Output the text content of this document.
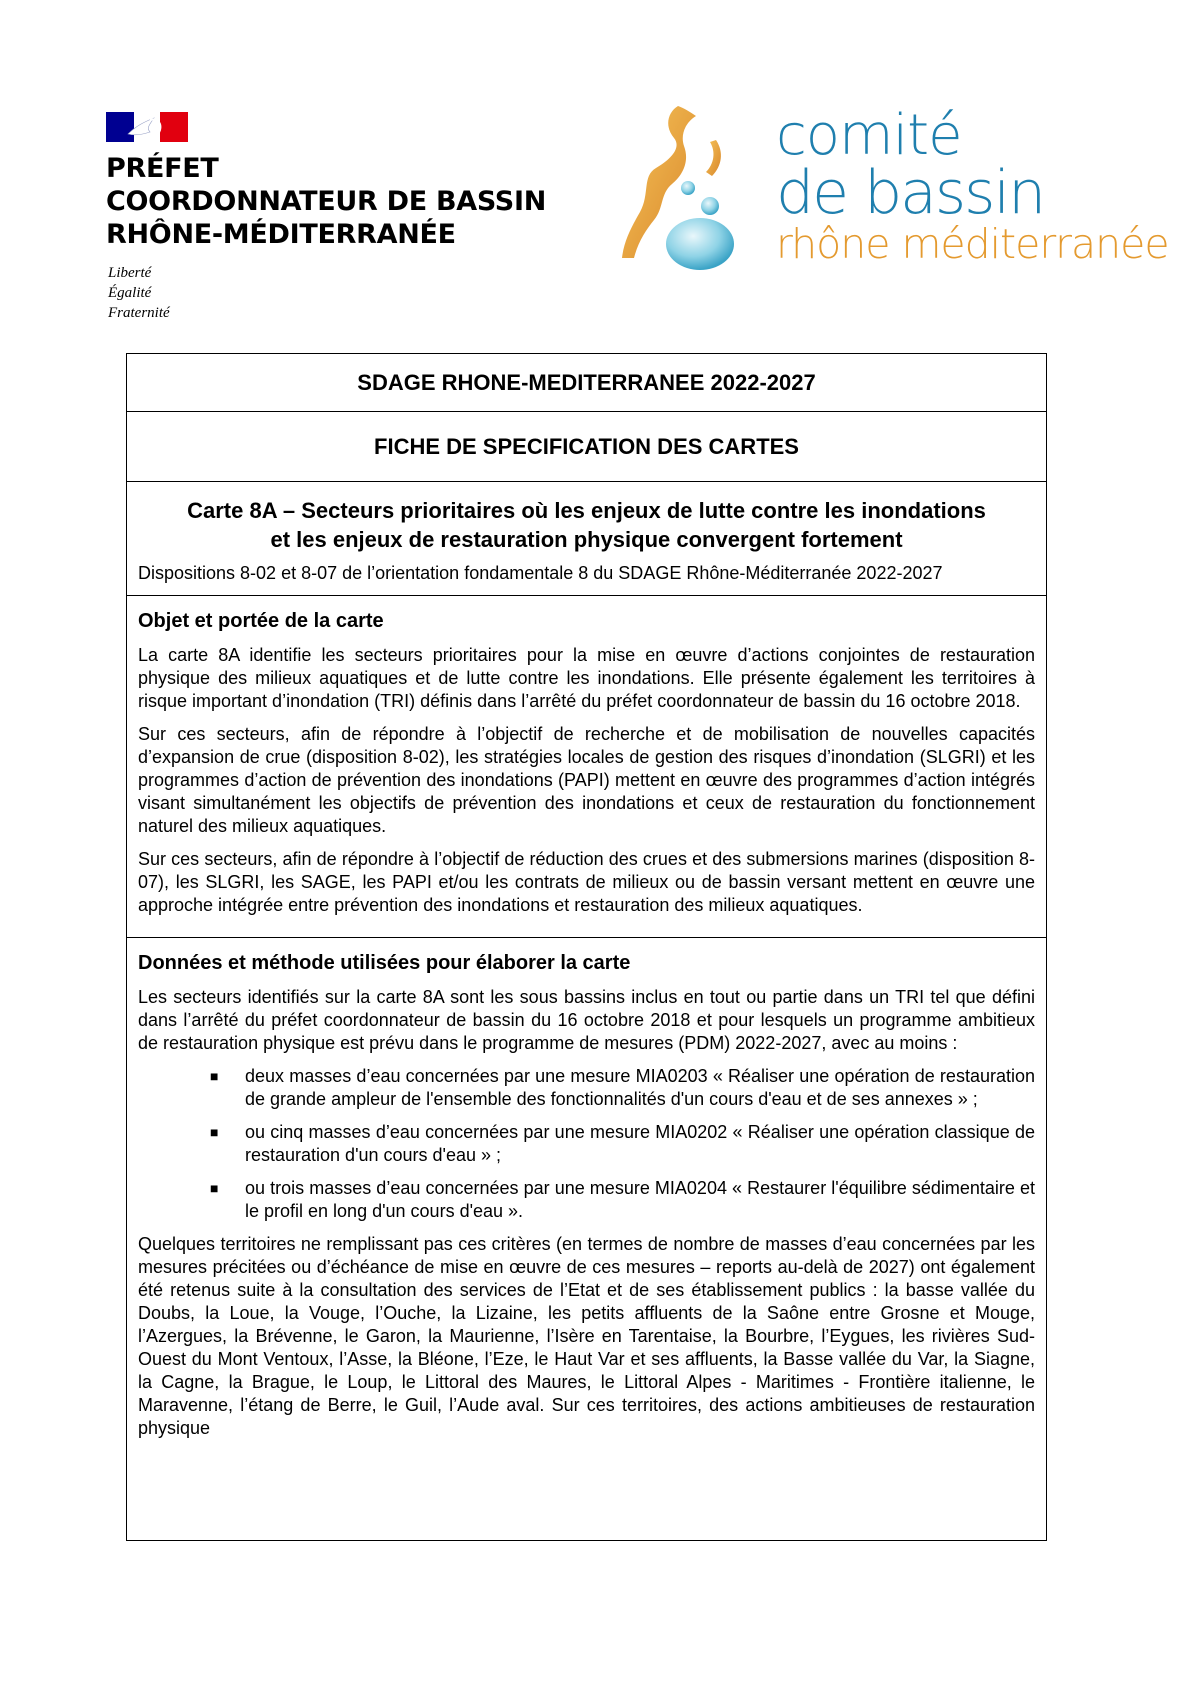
PRÉFET
COORDONNATEUR DE BASSIN
RHÔNE-MÉDITERRANÉE
Liberté
Égalité
Fraternité
comité
de bassin
rhône méditerranée
SDAGE RHONE-MEDITERRANEE 2022-2027
FICHE DE SPECIFICATION DES CARTES
Carte 8A – Secteurs prioritaires où les enjeux de lutte contre les inondations
et les enjeux de restauration physique convergent fortement
Dispositions 8-02 et 8-07 de l’orientation fondamentale 8 du SDAGE Rhône-Méditerranée 2022-2027
Objet et portée de la carte

La carte 8A identifie les secteurs prioritaires pour la mise en œuvre d’actions conjointes de restauration physique des milieux aquatiques et de lutte contre les inondations. Elle présente également les territoires à risque important d’inondation (TRI) définis dans l’arrêté du préfet coordonnateur de bassin du 16 octobre 2018.

Sur ces secteurs, afin de répondre à l’objectif de recherche et de mobilisation de nouvelles capacités d’expansion de crue (disposition 8-02), les stratégies locales de gestion des risques d’inondation (SLGRI) et les programmes d’action de prévention des inondations (PAPI) mettent en œuvre des programmes d’action intégrés visant simultanément les objectifs de prévention des inondations et ceux de restauration du fonctionnement naturel des milieux aquatiques.

Sur ces secteurs, afin de répondre à l’objectif de réduction des crues et des submersions marines (disposition 8-07), les SLGRI, les SAGE, les PAPI et/ou les contrats de milieux ou de bassin versant mettent en œuvre une approche intégrée entre prévention des inondations et restauration des milieux aquatiques.

Données et méthode utilisées pour élaborer la carte

Les secteurs identifiés sur la carte 8A sont les sous bassins inclus en tout ou partie dans un TRI tel que défini dans l’arrêté du préfet coordonnateur de bassin du 16 octobre 2018 et pour lesquels un programme ambitieux de restauration physique est prévu dans le programme de mesures (PDM) 2022-2027, avec au moins :

■ deux masses d’eau concernées par une mesure MIA0203 « Réaliser une opération de restauration de grande ampleur de l'ensemble des fonctionnalités d'un cours d'eau et de ses annexes » ;
■ ou cinq masses d’eau concernées par une mesure MIA0202 « Réaliser une opération classique de restauration d'un cours d'eau » ;
■ ou trois masses d’eau concernées par une mesure MIA0204 « Restaurer l'équilibre sédimentaire et le profil en long d'un cours d'eau ».

Quelques territoires ne remplissant pas ces critères (en termes de nombre de masses d’eau concernées par les mesures précitées ou d’échéance de mise en œuvre de ces mesures – reports au-delà de 2027) ont également été retenus suite à la consultation des services de l’Etat et de ses établissement publics : la basse vallée du Doubs, la Loue, la Vouge, l’Ouche, la Lizaine, les petits affluents de la Saône entre Grosne et Mouge, l’Azergues, la Brévenne, le Garon, la Maurienne, l’Isère en Tarentaise, la Bourbre, l’Eygues, les rivières Sud-Ouest du Mont Ventoux, l’Asse, la Bléone, l’Eze, le Haut Var et ses affluents, la Basse vallée du Var, la Siagne, la Cagne, la Brague, le Loup, le Littoral des Maures, le Littoral Alpes - Maritimes - Frontière italienne, le Maravenne, l’étang de Berre, le Guil, l’Aude aval. Sur ces territoires, des actions ambitieuses de restauration physique
